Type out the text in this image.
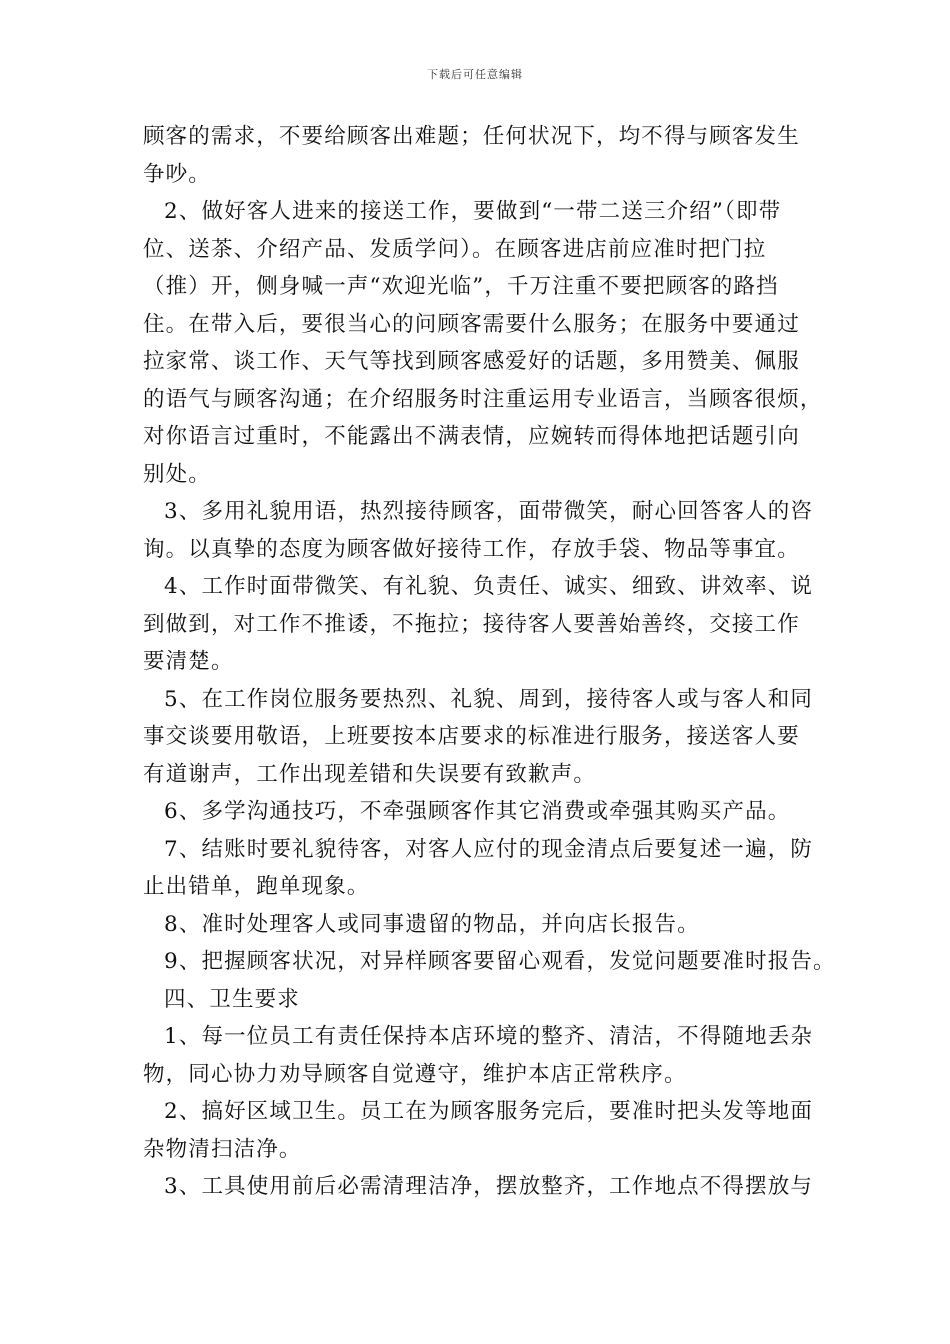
下载后可任意编辑
顾客的需求，不要给顾客出难题；任何状况下，均不得与顾客发生
争吵。
2、做好客人进来的接送工作，要做到“一带二送三介绍”（即带
位、送茶、介绍产品、发质学问）。在顾客进店前应准时把门拉
（推）开，侧身喊一声“欢迎光临”，千万注重不要把顾客的路挡
住。在带入后，要很当心的问顾客需要什么服务；在服务中要通过
拉家常、谈工作、天气等找到顾客感爱好的话题，多用赞美、佩服
的语气与顾客沟通；在介绍服务时注重运用专业语言，当顾客很烦，
对你语言过重时，不能露出不满表情，应婉转而得体地把话题引向
别处。
3、多用礼貌用语，热烈接待顾客，面带微笑，耐心回答客人的咨
询。以真挚的态度为顾客做好接待工作，存放手袋、物品等事宜。
4、工作时面带微笑、有礼貌、负责任、诚实、细致、讲效率、说
到做到，对工作不推诿，不拖拉；接待客人要善始善终，交接工作
要清楚。
5、在工作岗位服务要热烈、礼貌、周到，接待客人或与客人和同
事交谈要用敬语，上班要按本店要求的标准进行服务，接送客人要
有道谢声，工作出现差错和失误要有致歉声。
6、多学沟通技巧，不牵强顾客作其它消费或牵强其购买产品。
7、结账时要礼貌待客，对客人应付的现金清点后要复述一遍，防
止出错单，跑单现象。
8、准时处理客人或同事遗留的物品，并向店长报告。
9、把握顾客状况，对异样顾客要留心观看，发觉问题要准时报告。
四、卫生要求
1、每一位员工有责任保持本店环境的整齐、清洁，不得随地丢杂
物，同心协力劝导顾客自觉遵守，维护本店正常秩序。
2、搞好区域卫生。员工在为顾客服务完后，要准时把头发等地面
杂物清扫洁净。
3、工具使用前后必需清理洁净，摆放整齐，工作地点不得摆放与
